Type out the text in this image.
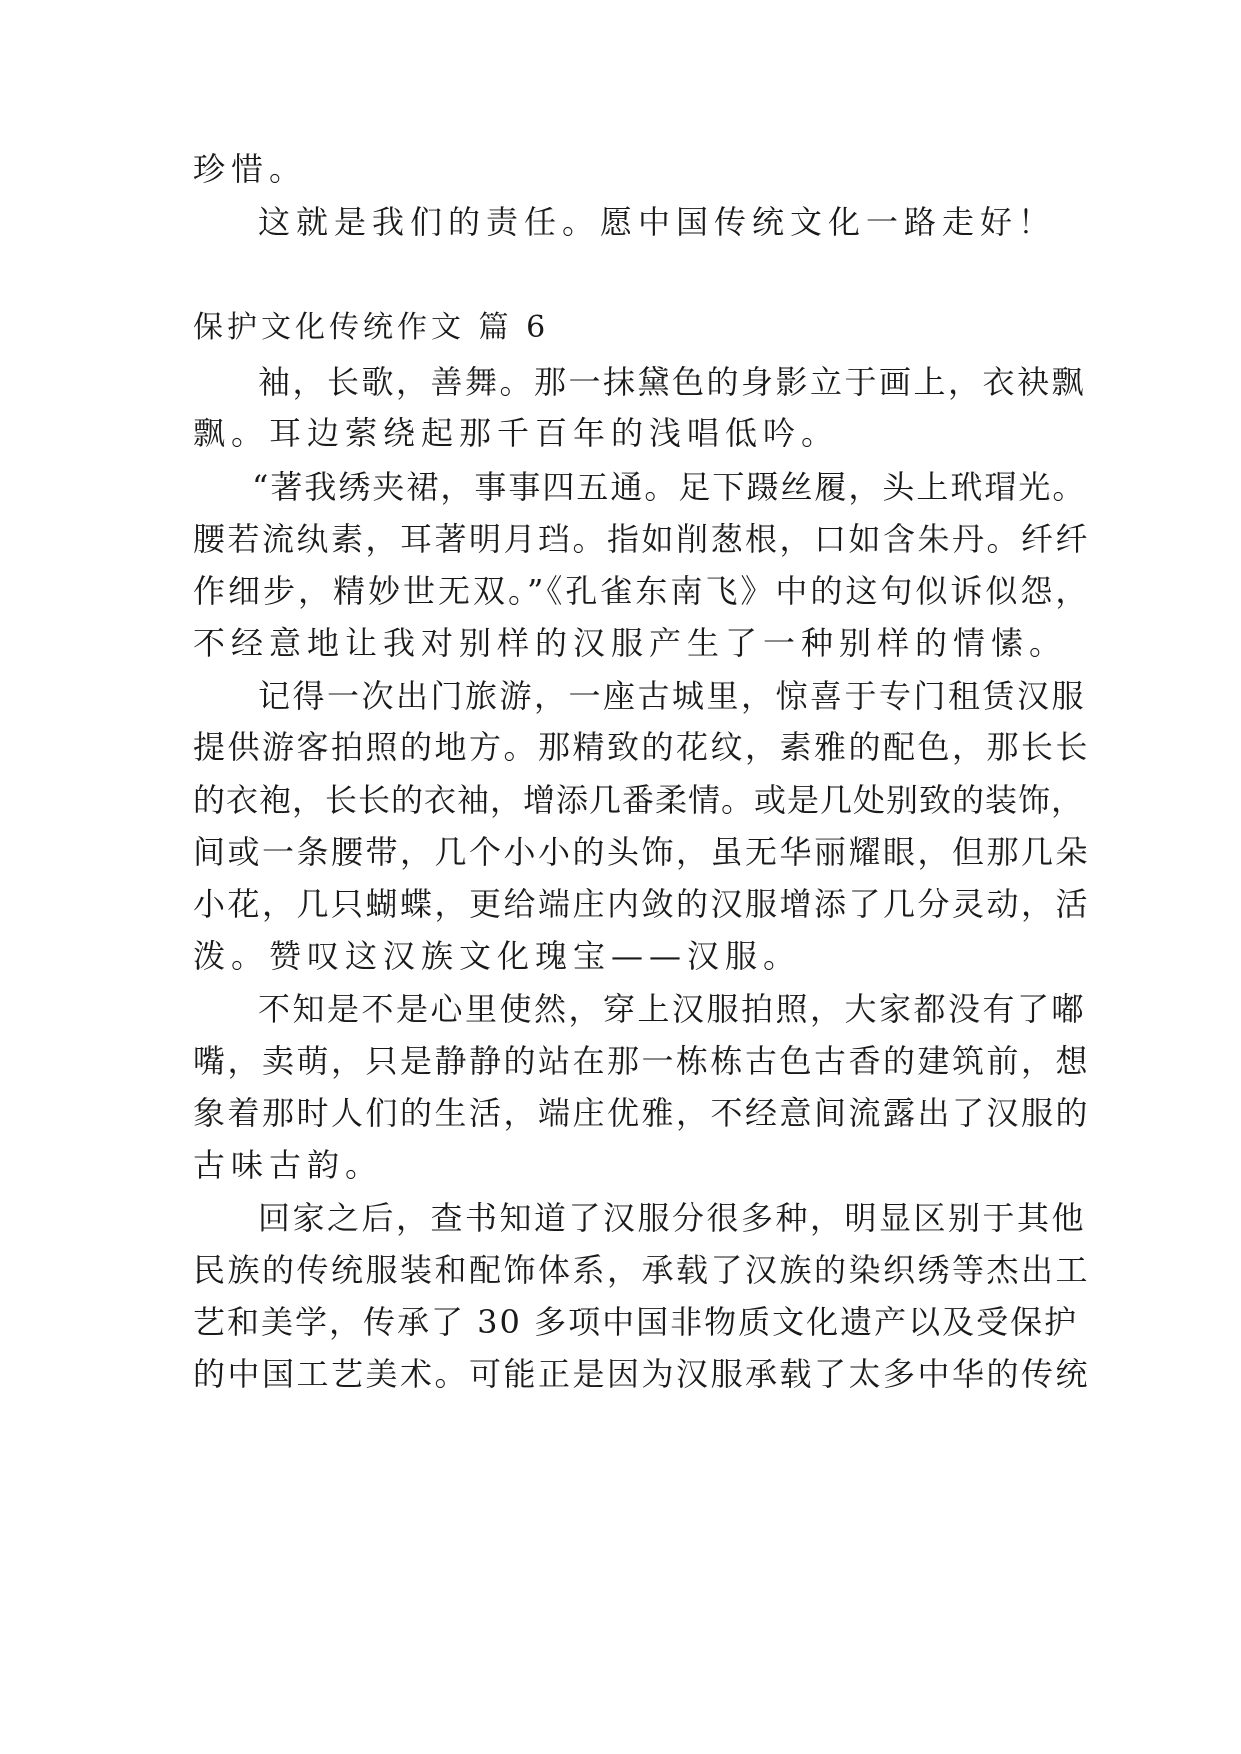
珍惜。
这就是我们的责任。愿中国传统文化一路走好！
保护文化传统作文 篇 6
袖，长歌，善舞。那一抹黛色的身影立于画上，衣袂飘
飘。耳边萦绕起那千百年的浅唱低吟。
“著我绣夹裙，事事四五通。足下蹑丝履，头上玳瑁光。
腰若流纨素，耳著明月珰。指如削葱根，口如含朱丹。纤纤
作细步，精妙世无双。”《孔雀东南飞》中的这句似诉似怨，
不经意地让我对别样的汉服产生了一种别样的情愫。
记得一次出门旅游，一座古城里，惊喜于专门租赁汉服
提供游客拍照的地方。那精致的花纹，素雅的配色，那长长
的衣袍，长长的衣袖，增添几番柔情。或是几处别致的装饰，
间或一条腰带，几个小小的头饰，虽无华丽耀眼，但那几朵
小花，几只蝴蝶，更给端庄内敛的汉服增添了几分灵动，活
泼。赞叹这汉族文化瑰宝——汉服。
不知是不是心里使然，穿上汉服拍照，大家都没有了嘟
嘴，卖萌，只是静静的站在那一栋栋古色古香的建筑前，想
象着那时人们的生活，端庄优雅，不经意间流露出了汉服的
古味古韵。
回家之后，查书知道了汉服分很多种，明显区别于其他
民族的传统服装和配饰体系，承载了汉族的染织绣等杰出工
艺和美学，传承了 30 多项中国非物质文化遗产以及受保护
的中国工艺美术。可能正是因为汉服承载了太多中华的传统
